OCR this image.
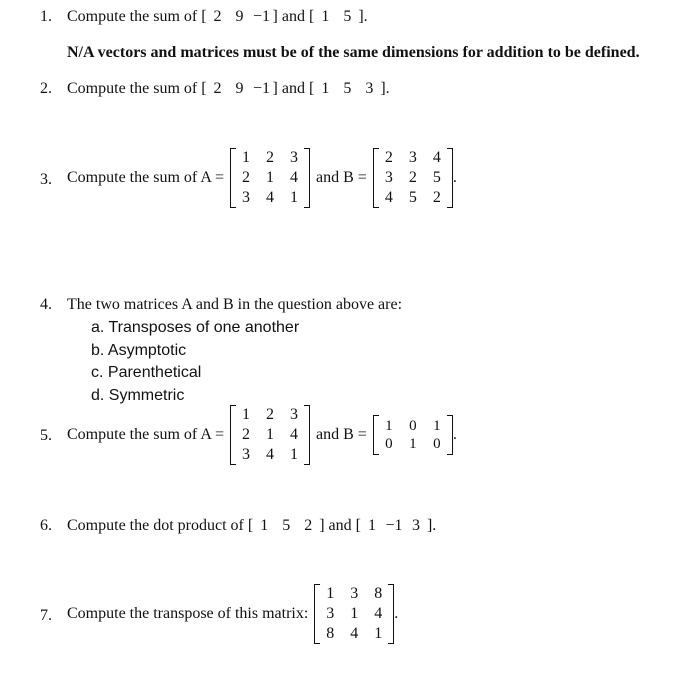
1. Compute the sum of [ 2 9 −1 ] and [ 1 5 ].
N/A vectors and matrices must be of the same dimensions for addition to be defined.
2. Compute the sum of [ 2 9 −1 ] and [ 1 5 3 ].
3. Compute the sum of A =
1	2	3
2	1	4
3	4	1
and B =
2	3	4
3	2	5
4	5	2
.
4. The two matrices A and B in the question above are:
a. Transposes of one another
b. Asymptotic
c. Parenthetical
d. Symmetric
5. Compute the sum of A =
1	2	3
2	1	4
3	4	1
and B =	1	0	1
0	1	0
.
6. Compute the dot product of [ 1 5 2 ] and [ 1 −1 3 ].
7. Compute the transpose of this matrix:
1	3	8
3	1	4
8	4	1
.
